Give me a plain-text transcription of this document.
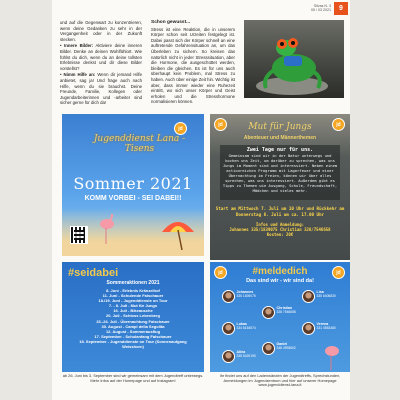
Silvas N. 3
05 / 03 2021	9

und auf die Gegenwart zu konzentrieren, wenn deine Gedanken zu sehr in der Vergangenheit oder in der Zukunft stecken.

• Innere Bilder: Aktiviere deine inneren Bilder. Denke an deinen Wohlfühlort. Wie fühlst du dich, wenn du an deine tollsten Erlebnisse denkst und dir diese Bilder vorstellst?

• Nimm Hilfe an: Wenn dir jemand Hilfe anbietet, sag ja! Und frage auch nach Hilfe, wenn du sie brauchst. Deine Freunde, Familie, Kollegen oder Jugendarbeiterinnen und -arbeiter sind sicher gerne für dich da!

Schon gewusst...

Stress ist eine Reaktion, die in unserem Körper schon seit Urzeiten festgelegt ist. Dabei passt sich der Körper schnell an eine auftretende Gefahrensituation an, um das Überleben zu sichern. So kreisen das natürlich nicht in jeder Stresssituation, aber die Hormone, die ausgeschüttet werden, bleiben die gleichen. Es ist für uns auch überhaupt kein Problem, mal Stress zu haben. Auch über einige Zeit hin. Wichtig ist aber, dass immer wieder eine Ruhezeit eintritt, wo sich unser Körper und Geist erholen und die Stresshormone normalisieren können.

jd
Jugenddienst Lana - Tisens
Sommer 2021
KOMM VORBEI - SEI DABEI!!
jd	jd
Mut für Jungs
Abenteuer und Männerthemen
Zwei Tage nur für uns.
Gemeinsam sind wir in der Natur unterwegs und kochen uns Zeit, um darüber zu sprechen, was uns Jungs im Moment sind und interessiert. Neben einem actionreichen Programm mit Lagerfeuer und einer Übernachtung im Freien, können wir über alles sprechen, was uns interessiert. Außerdem gibt es Tipps zu Themen wie Ausgang, Schule, Freundschaft, Mädchen und vieles mehr.
Start am Mittwoch 7. Juli um 10 Uhr und Rückkehr am Donnerstag 8. Juli um ca. 17.00 Uhr
Infos und Anmeldung:
Johannes 335/1839075 Christian 328/7546658
Kosten: 20€
#seidabei
Sommeraktionen 2021
8. Juni - Erlebnis Kränzelhof
11. Juni - Schulende Falschauer
18./19. Juni - Jugenddienste on Tour
7. - 8. Juli - Mut für Jungs
16. Juli - Bikeausche
20. Juli - Schloss Lebenberg
23.-24. Juli - Übernachtung Falschauer
30. August - Campi della Segolita
12. August - Sommerausflug
17. September - Schulanfang Falschauer
18. September - Jugenddienste on Tour (Sonnenaufgang Weisshorn)
jd	jd
#meldedich
Das sind wir - wir sind da!
Johannes
335 1839075
Lisa
335 6406830
Christian
328 7546658
Lukas
334 6154574
Verena
331 4553480
Alina
335 5420190
Daniel
348 4993602
ab 26. Juni bis 3. September sind wir gemeinsam mit dem Jugendtreff unterwegs. Mehr Infos auf der Homepage und auf Instagram!
Ihr findet uns auf den Ladenwänden der Jugendtreffs, Sprechstunden, Anmeldungen im Jugendzentrum und hier auf unserer Homepage www.jugenddienst-lana.it
